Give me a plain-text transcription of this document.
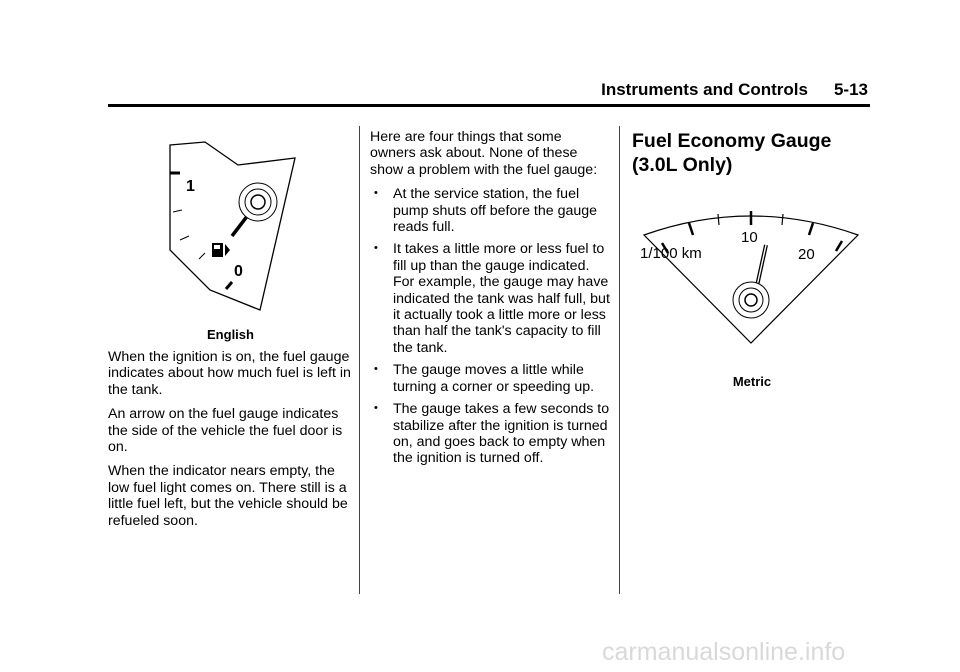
Instruments and Controls 5-13
1
0
English

When the ignition is on, the fuel gauge indicates about how much fuel is left in the tank.

An arrow on the fuel gauge indicates the side of the vehicle the fuel door is on.

When the indicator nears empty, the low fuel light comes on. There still is a little fuel left, but the vehicle should be refueled soon.

Here are four things that some owners ask about. None of these show a problem with the fuel gauge:

• At the service station, the fuel pump shuts off before the gauge reads full.
• It takes a little more or less fuel to fill up than the gauge indicated. For example, the gauge may have indicated the tank was half full, but it actually took a little more or less than half the tank's capacity to fill the tank.
• The gauge moves a little while turning a corner or speeding up.
• The gauge takes a few seconds to stabilize after the ignition is turned on, and goes back to empty when the ignition is turned off.
Fuel Economy Gauge
(3.0L Only)
1/100 km
10
20
Metric
carmanualsonline.info
